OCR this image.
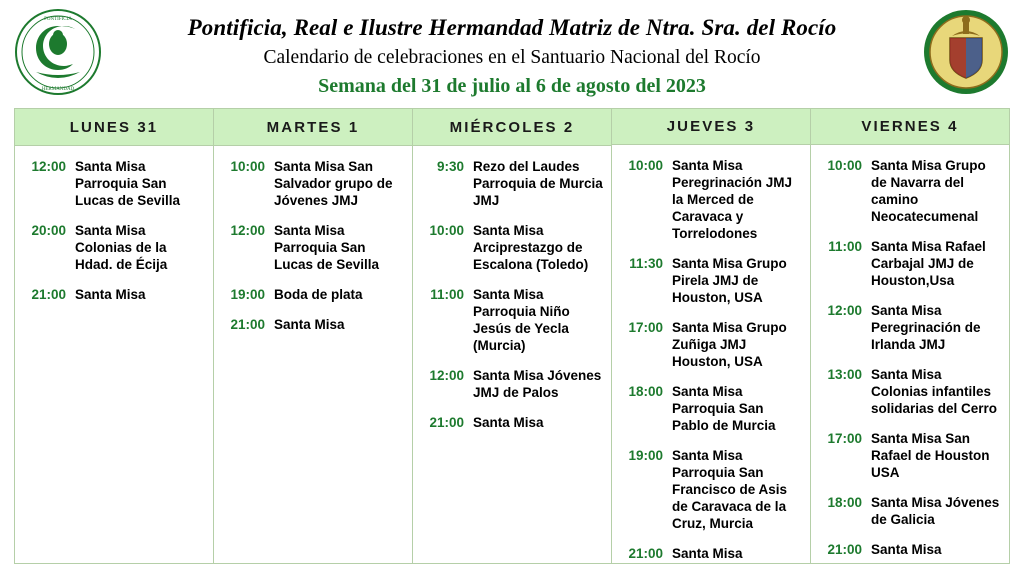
PONTIFICIA
HERMANDAD
Pontificia, Real e Ilustre Hermandad Matriz de Ntra. Sra. del Rocío
Calendario de celebraciones en el Santuario Nacional del Rocío
Semana del 31 de julio al 6 de agosto del 2023
LUNES 31
12:00 Santa Misa Parroquia San Lucas de Sevilla
20:00 Santa Misa Colonias de la Hdad. de Écija
21:00 Santa Misa
MARTES 1
10:00 Santa Misa San Salvador grupo de Jóvenes JMJ
12:00 Santa Misa Parroquia San Lucas de Sevilla
19:00 Boda de plata
21:00 Santa Misa
MIÉRCOLES 2
9:30 Rezo del Laudes Parroquia de Murcia JMJ
10:00 Santa Misa Arciprestazgo de Escalona (Toledo)
11:00 Santa Misa Parroquia Niño Jesús de Yecla (Murcia)
12:00 Santa Misa Jóvenes JMJ de Palos
21:00 Santa Misa
JUEVES 3
10:00 Santa Misa Peregrinación JMJ la Merced de Caravaca y Torrelodones
11:30 Santa Misa Grupo Pirela JMJ de Houston, USA
17:00 Santa Misa Grupo Zuñiga JMJ Houston, USA
18:00 Santa Misa Parroquia San Pablo de Murcia
19:00 Santa Misa Parroquia San Francisco de Asis de Caravaca de la Cruz, Murcia
21:00 Santa Misa
VIERNES 4
10:00 Santa Misa Grupo de Navarra del camino Neocatecumenal
11:00 Santa Misa Rafael Carbajal JMJ de Houston,Usa
12:00 Santa Misa Peregrinación de Irlanda JMJ
13:00 Santa Misa Colonias infantiles solidarias del Cerro
17:00 Santa Misa San Rafael de Houston USA
18:00 Santa Misa Jóvenes de Galicia
21:00 Santa Misa
